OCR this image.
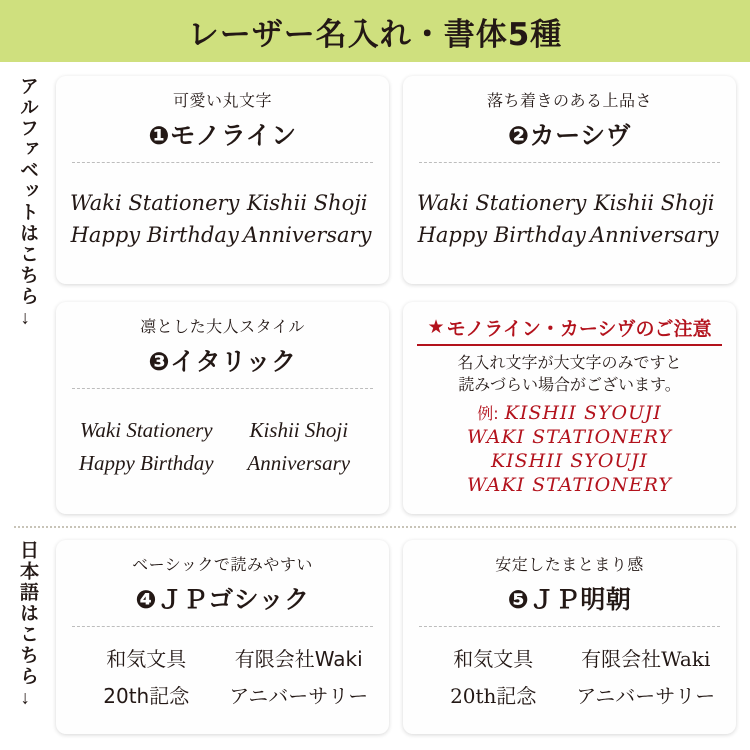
レーザー名入れ・書体5種
アルファベットはこちら
→
日本語はこちら
→
可愛い丸文字
❶モノライン
Waki Stationery Kishii Shoji
Happy Birthday Anniversary
落ち着きのある上品さ
❷カーシヴ
Waki Stationery Kishii Shoji
Happy Birthday Anniversary
凛とした大人スタイル
❸イタリック
Waki Stationery Kishii Shoji
Happy Birthday Anniversary
★ モノライン・カーシヴのご注意
名入れ文字が大文字のみですと
読みづらい場合がございます。
例: KISHII SYOUJI
WAKI STATIONERY
KISHII SYOUJI
WAKI STATIONERY
ベーシックで読みやすい
❹ＪＰゴシック
和気文具 有限会社Waki
20th記念 アニバーサリー
安定したまとまり感
❺ＪＰ明朝
和気文具 有限会社Waki
20th記念 アニバーサリー
